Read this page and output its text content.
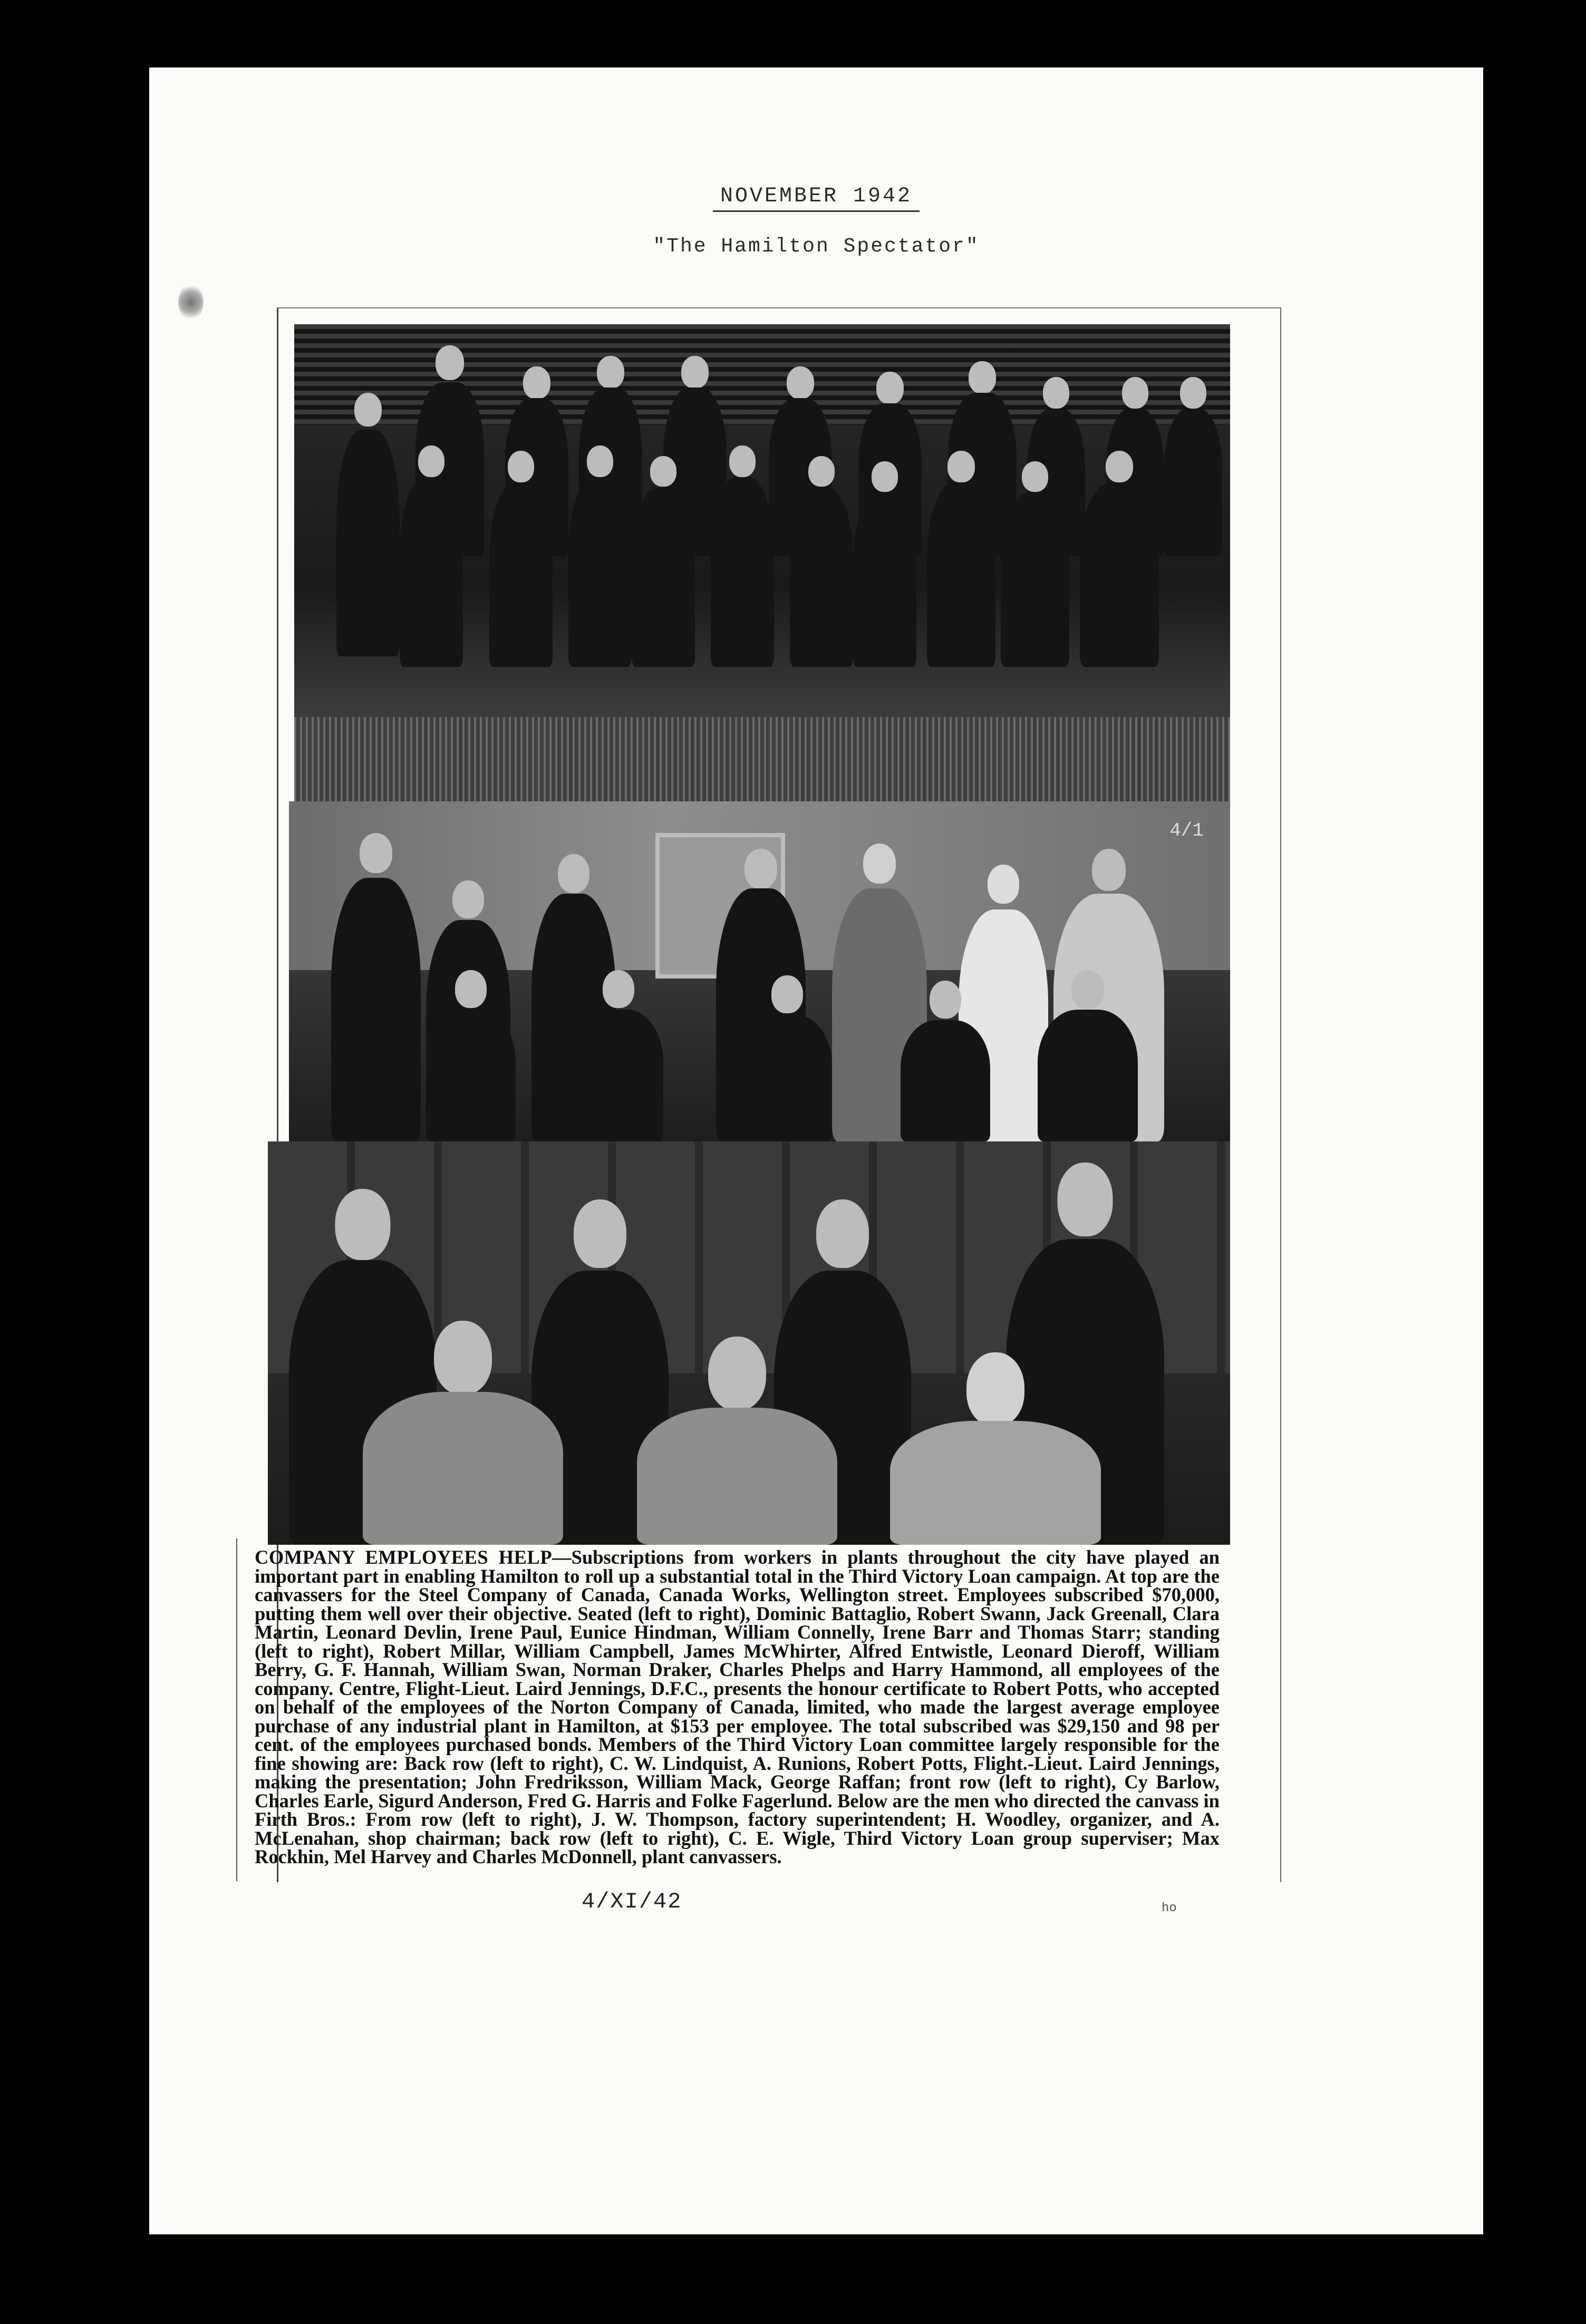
NOVEMBER 1942
"The Hamilton Spectator"
4/1
COMPANY EMPLOYEES HELP—Subscriptions from workers in plants throughout the city have played an important part in enabling Hamilton to roll up a substantial total in the Third Victory Loan campaign. At top are the canvassers for the Steel Company of Canada, Canada Works, Wellington street. Employees subscribed $70,000, putting them well over their objective. Seated (left to right), Dominic Battaglio, Robert Swann, Jack Greenall, Clara Martin, Leonard Devlin, Irene Paul, Eunice Hindman, William Connelly, Irene Barr and Thomas Starr; standing (left to right), Robert Millar, William Campbell, James McWhirter, Alfred Entwistle, Leonard Dieroff, William Berry, G. F. Hannah, William Swan, Norman Draker, Charles Phelps and Harry Hammond, all employees of the company. Centre, Flight-Lieut. Laird Jennings, D.F.C., presents the honour certificate to Robert Potts, who accepted on behalf of the employees of the Norton Company of Canada, limited, who made the largest average employee purchase of any industrial plant in Hamilton, at $153 per employee. The total subscribed was $29,150 and 98 per cent. of the employees purchased bonds. Members of the Third Victory Loan committee largely responsible for the fine showing are: Back row (left to right), C. W. Lindquist, A. Runions, Robert Potts, Flight.-Lieut. Laird Jennings, making the presentation; John Fredriksson, William Mack, George Raffan; front row (left to right), Cy Barlow, Charles Earle, Sigurd Anderson, Fred G. Harris and Folke Fagerlund. Below are the men who directed the canvass in Firth Bros.: From row (left to right), J. W. Thompson, factory superintendent; H. Woodley, organizer, and A. McLenahan, shop chairman; back row (left to right), C. E. Wigle, Third Victory Loan group superviser; Max Rockhin, Mel Harvey and Charles McDonnell, plant canvassers.
4/XI/42	ho
